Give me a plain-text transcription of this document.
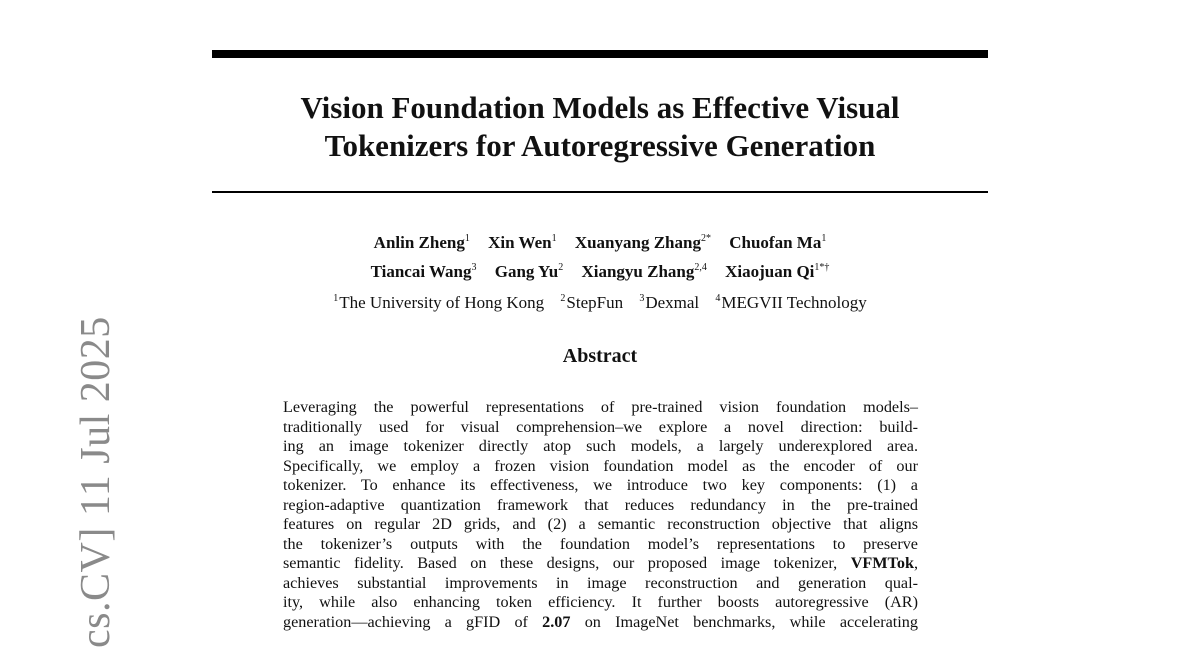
cs.CV] 11 Jul 2025
Vision Foundation Models as Effective Visual
Tokenizers for Autoregressive Generation
Anlin Zheng$^1$ Xin Wen$^1$ Xuanyang Zhang$^{2*}$ Chuofan Ma$^1$
Tiancai Wang$^3$ Gang Yu$^2$ Xiangyu Zhang$^{2,4}$ Xiaojuan $Qi^{1*\dagger}$
$^1$The University of Hong Kong $^2$StepFun $^3$Dexmal $^4$MEGVII Technology
Abstract
Leveraging the powerful representations of pre-trained vision foundation models–
traditionally used for visual comprehension–we explore a novel direction: build-
ing an image tokenizer directly atop such models, a largely underexplored area.
Specifically, we employ a frozen vision foundation model as the encoder of our
tokenizer. To enhance its effectiveness, we introduce two key components: (1) a
region-adaptive quantization framework that reduces redundancy in the pre-trained
features on regular 2D grids, and (2) a semantic reconstruction objective that aligns
the tokenizer’s outputs with the foundation model’s representations to preserve
semantic fidelity. Based on these designs, our proposed image tokenizer, VFMTok,
achieves substantial improvements in image reconstruction and generation qual-
ity, while also enhancing token efficiency. It further boosts autoregressive (AR)
generation—achieving a gFID of 2.07 on ImageNet benchmarks, while accelerating
